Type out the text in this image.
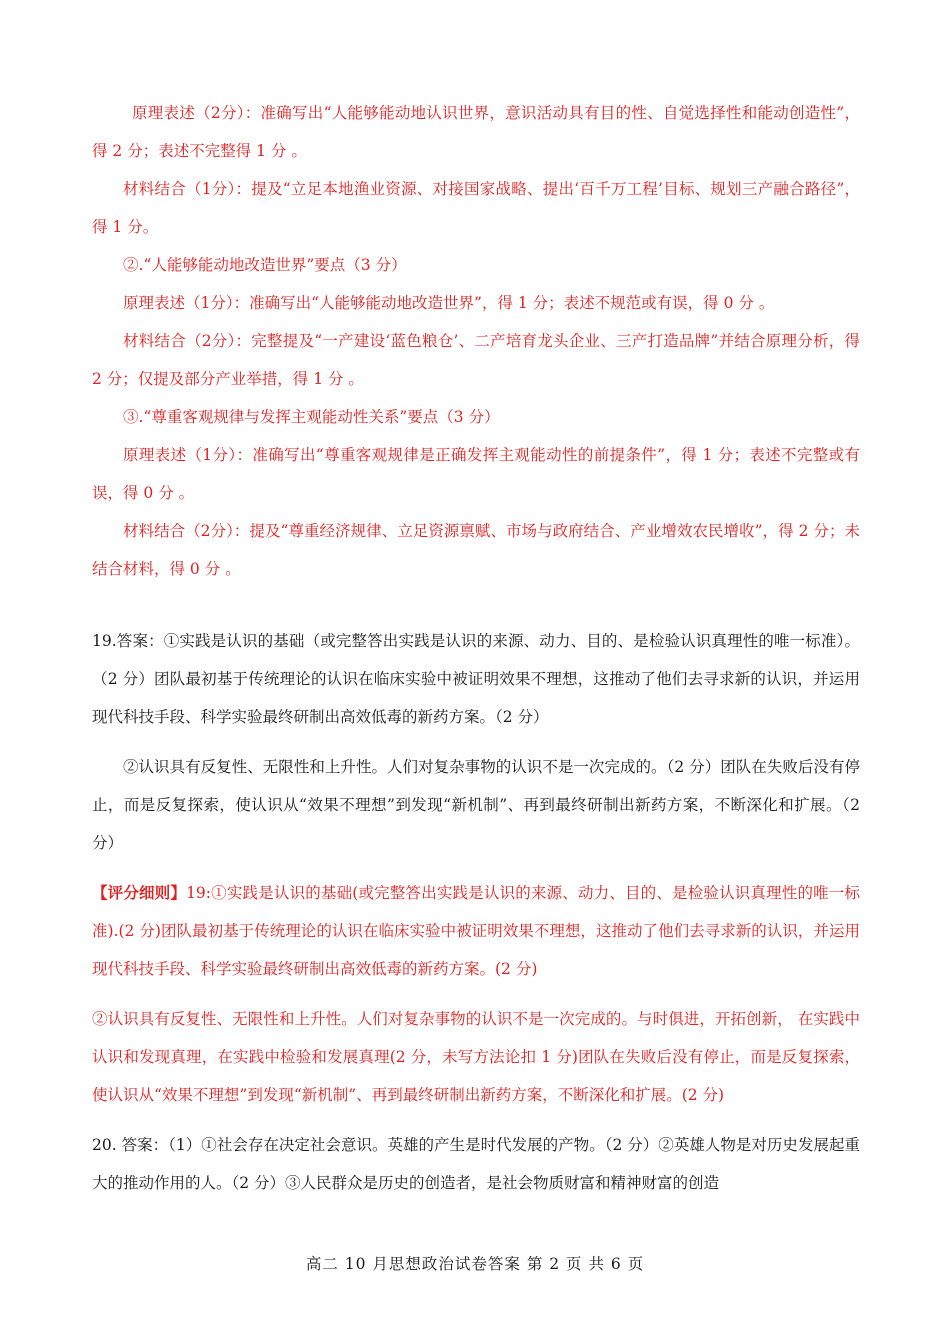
原理表述（2分）：准确写出“人能够能动地认识世界，意识活动具有目的性、自觉选择性和能动创造性”，得 2 分；表述不完整得 1 分 。

材料结合（1分）：提及“立足本地渔业资源、对接国家战略、提出‘百千万工程’目标、规划三产融合路径”，得 1 分。

②.“人能够能动地改造世界”要点（3 分）

原理表述（1分）：准确写出“人能够能动地改造世界”，得 1 分；表述不规范或有误，得 0 分 。

材料结合（2分）：完整提及“一产建设‘蓝色粮仓’、二产培育龙头企业、三产打造品牌”并结合原理分析，得 2 分；仅提及部分产业举措，得 1 分 。

③.“尊重客观规律与发挥主观能动性关系”要点（3 分）

原理表述（1分）：准确写出“尊重客观规律是正确发挥主观能动性的前提条件”，得 1 分；表述不完整或有误，得 0 分 。

材料结合（2分）：提及“尊重经济规律、立足资源禀赋、市场与政府结合、产业增效农民增收”，得 2 分；未结合材料，得 0 分 。

19.答案：①实践是认识的基础（或完整答出实践是认识的来源、动力、目的、是检验认识真理性的唯一标准）。（2 分）团队最初基于传统理论的认识在临床实验中被证明效果不理想，这推动了他们去寻求新的认识，并运用现代科技手段、科学实验最终研制出高效低毒的新药方案。（2 分）

②认识具有反复性、无限性和上升性。人们对复杂事物的认识不是一次完成的。（2 分）团队在失败后没有停止，而是反复探索，使认识从“效果不理想”到发现“新机制”、再到最终研制出新药方案，不断深化和扩展。（2 分）

【评分细则】19:①实践是认识的基础(或完整答出实践是认识的来源、动力、目的、是检验认识真理性的唯一标准).(2 分)团队最初基于传统理论的认识在临床实验中被证明效果不理想，这推动了他们去寻求新的认识，并运用现代科技手段、科学实验最终研制出高效低毒的新药方案。(2 分)

②认识具有反复性、无限性和上升性。人们对复杂事物的认识不是一次完成的。与时俱进，开拓创新， 在实践中认识和发现真理，在实践中检验和发展真理(2 分，未写方法论扣 1 分)团队在失败后没有停止，而是反复探索，使认识从“效果不理想”到发现“新机制”、再到最终研制出新药方案，不断深化和扩展。(2 分)

20. 答案：（1）①社会存在决定社会意识。英雄的产生是时代发展的产物。（2 分）②英雄人物是对历史发展起重大的推动作用的人。（2 分）③人民群众是历史的创造者，是社会物质财富和精神财富的创造

高二 10 月思想政治试卷答案 第 2 页 共 6 页
